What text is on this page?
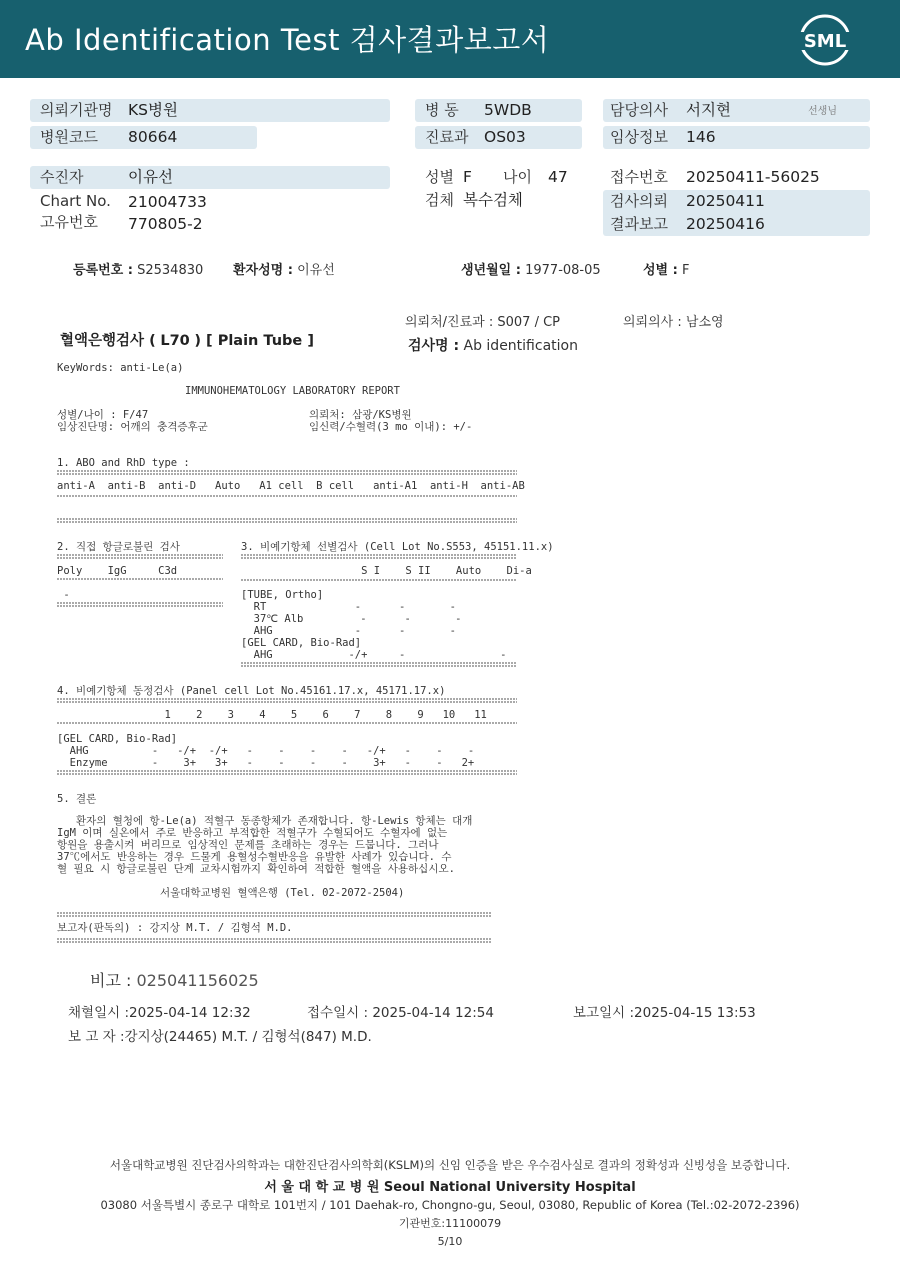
Ab Identification Test 검사결과보고서	SML
의뢰기관명 KS병원
병원코드 80664
수진자	이유선
Chart No. 21004733
고유번호 770805-2
병 동 5WDB
진료과 OS03
성별 F 나이 47
검체 복수검체
담당의사 서지현	선생님
임상정보 146
접수번호 20250411-56025
검사의뢰 20250411
결과보고 20250416
등록번호 : S2534830 환자성명 : 이유선	생년월일 : 1977-08-05	성별 : F
의뢰처/진료과 : S007 / CP	의뢰의사 : 남소영
혈액은행검사 ( L70 ) [ Plain Tube ]	검사명 : Ab identification
KeyWords: anti-Le(a)
IMMUNOHEMATOLOGY LABORATORY REPORT
성별/나이 : F/47
임상진단명: 어깨의 충격증후군
의뢰처: 삼광/KS병원
임신력/수혈력(3 mo 이내): +/-
1. ABO and RhD type :
anti-A  anti-B  anti-D   Auto   A1 cell  B cell   anti-A1  anti-H  anti-AB
2. 직접 항글로불린 검사
Poly    IgG     C3d
-
3. 비예기항체 선별검사 (Cell Lot No.S553, 45151.11.x)
S I    S II    Auto    Di-a
[TUBE, Ortho]
RT              -      -       -
37℃ Alb         -      -       -
AHG             -      -       -
[GEL CARD, Bio-Rad]
AHG            -/+     -               -
4. 비예기항체 동정검사 (Panel cell Lot No.45161.17.x, 45171.17.x)
1    2    3    4    5    6    7    8    9   10   11
[GEL CARD, Bio-Rad]
AHG          -   -/+  -/+   -    -    -    -   -/+   -    -    -
Enzyme       -    3+   3+   -    -    -    -    3+   -    -   2+
5. 결론
환자의 혈청에 항-Le(a) 적혈구 동종항체가 존재합니다. 항-Lewis 항체는 대개
IgM 이며 실온에서 주로 반응하고 부적합한 적혈구가 수혈되어도 수혈자에 없는
항원을 용출시켜 버리므로 임상적인 문제를 초래하는 경우는 드뭅니다. 그러나
37℃에서도 반응하는 경우 드물게 용혈성수혈반응을 유발한 사례가 있습니다. 수
혈 필요 시 항글로불린 단계 교차시험까지 확인하여 적합한 혈액을 사용하십시오.
서울대학교병원 혈액은행 (Tel. 02-2072-2504)
보고자(판독의) : 강지상 M.T. / 김형석 M.D.
비고 : 025041156025
채혈일시 :2025-04-14 12:32	접수일시 : 2025-04-14 12:54	보고일시 :2025-04-15 13:53
보 고 자 :강지상(24465) M.T. / 김형석(847) M.D.
서울대학교병원 진단검사의학과는 대한진단검사의학회(KSLM)의 신임 인증을 받은 우수검사실로 결과의 정확성과 신빙성을 보증합니다.
서 울 대 학 교 병 원 Seoul National University Hospital
03080 서울특별시 종로구 대학로 101번지 / 101 Daehak-ro, Chongno-gu, Seoul, 03080, Republic of Korea (Tel.:02-2072-2396)
기관번호:11100079
5/10
